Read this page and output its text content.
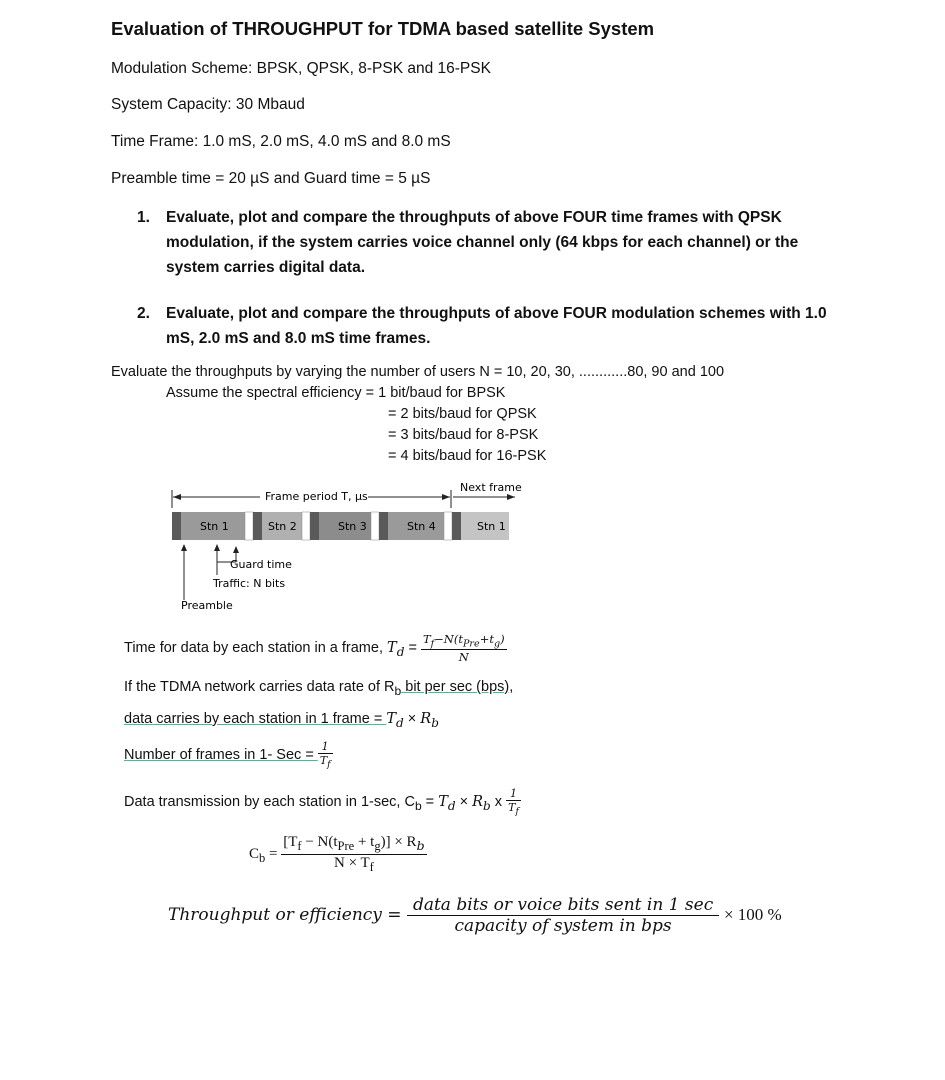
Evaluation of THROUGHPUT for TDMA based satellite System
Modulation Scheme: BPSK, QPSK, 8-PSK and 16-PSK
System Capacity: 30 Mbaud
Time Frame: 1.0 mS, 2.0 mS, 4.0 mS and 8.0 mS
Preamble time = 20 µS and Guard time = 5 µS
1. Evaluate, plot and compare the throughputs of above FOUR time frames with QPSK modulation, if the system carries voice channel only (64 kbps for each channel) or the system carries digital data.
2. Evaluate, plot and compare the throughputs of above FOUR modulation schemes with 1.0 mS, 2.0 mS and 8.0 mS time frames.
Evaluate the throughputs by varying the number of users N = 10, 20, 30, ............80, 90 and 100
Assume the spectral efficiency = 1 bit/baud for BPSK
= 2 bits/baud for QPSK
= 3 bits/baud for 8-PSK
= 4 bits/baud for 16-PSK
Frame period T, µs
Next frame
Stn 1	Stn 2	Stn 3	Stn 4	Stn 1
Guard time
Traffic: N bits
Preamble
Time for data by each station in a frame, $T_d = \frac{T_f-N(t_{Pre}+t_g)}{N}$
If the TDMA network carries data rate of $R_b$ bit per sec (bps),
data carries by each station in 1 frame = $T_d \times R_b$
Number of frames in 1- Sec = $\frac{1}{T_f}$
Data transmission by each station in 1-sec, $C_b = T_d \times R_b$ x $\frac{1}{T_f}$
$C_b = \frac{[T_f - N(t_{Pre} + t_g)] \times R_b}{N \times T_f}$
Throughput or efficiency = $\frac{\text{data bits or voice bits sent in 1 sec}}{\text{capacity of system in bps}} \times 100$ %
